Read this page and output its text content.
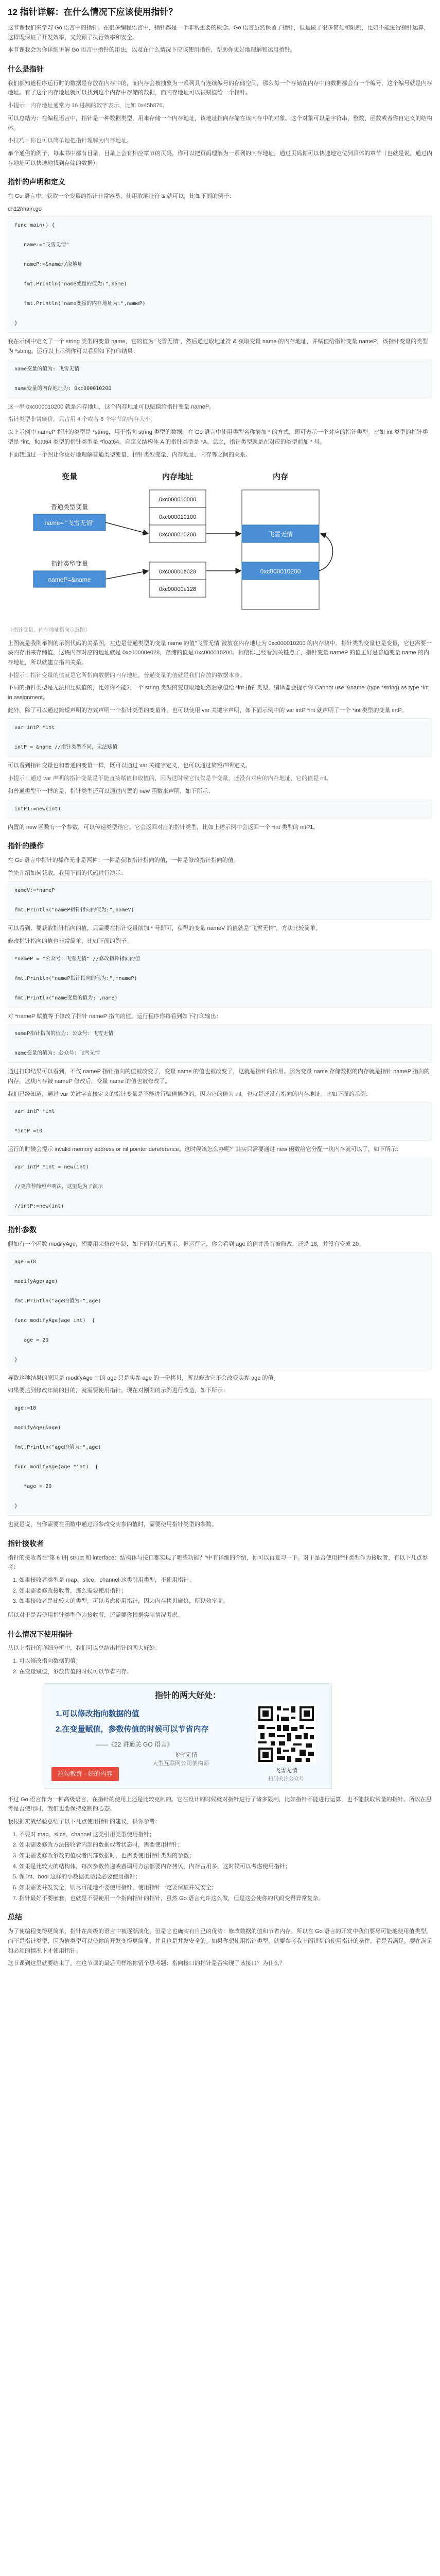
12 指针详解：在什么情况下应该使用指针？

这节课我们来学习 Go 语言中的指针。在很多编程语言中，指针都是一个非常重要的概念。Go 语言虽然保留了指针，但是做了很多简化和限制，比如不能进行指针运算，这样既保证了开发效率，又兼顾了执行效率和安全。

本节课我会为你详细讲解 Go 语言中指针的用法，以及在什么情况下应该使用指针，帮助你更好地理解和运用指针。

什么是指针

我们都知道程序运行时的数据是存放在内存中的，而内存会被抽象为一系列具有连续编号的存储空间，那么每一个存储在内存中的数据都会有一个编号，这个编号就是内存地址。有了这个内存地址就可以找到这个内存中存储的数据，而内存地址可以被赋值给一个指针。

小提示：内存地址通常为 16 进制的数字表示，比如 0x45b876。

可以总结为：在编程语言中，指针是一种数据类型，用来存储一个内存地址，该地址指向存储在该内存中的对象。这个对象可以是字符串、整数、函数或者你自定义的结构体。

小技巧：你也可以简单地把指针理解为内存地址。

举个通俗的例子，每本书中都有目录，目录上会有相应章节的页码，你可以把页码理解为一系列的内存地址，通过页码你可以快速地定位到具体的章节（也就是说，通过内存地址可以快速地找到存储的数据）。

指针的声明和定义

在 Go 语言中，获取一个变量的指针非常容易，使用取地址符 & 就可以，比如下面的例子：

ch12/main.go
func main() {

name:="飞雪无情"

nameP:=&name//取地址

fmt.Println("name变量的值为:",name)

fmt.Println("name变量的内存地址为:",nameP)

}

我在示例中定义了一个 string 类型的变量 name，它的值为"飞雪无情"，然后通过取地址符 & 获取变量 name 的内存地址，并赋值给指针变量 nameP，该指针变量的类型为 *string。运行以上示例你可以看到如下打印结果：

name变量的值为: 飞雪无情

name变量的内存地址为: 0xc000010200

这一串 0xc000010200 就是内存地址，这个内存地址可以赋值给指针变量 nameP。

指针类型非常廉价，只占用 4 个或者 8 个字节的内存大小。

以上示例中 nameP 指针的类型是 *string，用于指向 string 类型的数据。在 Go 语言中使用类型名称前加 * 的方式，即可表示一个对应的指针类型。比如 int 类型的指针类型是 *int，float64 类型的指针类型是 *float64，自定义结构体 A 的指针类型是 *A。总之，指针类型就是在对应的类型前加 * 号。

下面我通过一个图让你更好地理解普通类型变量、指针类型变量、内存地址、内存等之间的关系。

变量	内存地址	内存
普通类型变量
name= "飞雪无情"
指针类型变量
nameP=&name
0xc000010000
0xc000010100
0xc000010200
0xc00000e028
0xc00000e128
飞雪无情
0xc000010200
（指针变量、内存地址指向示意图）

上图就是我刚举例的示例代码的关系图，左边是普通类型的变量 name 的值"飞雪无情"被放在内存地址为 0xc000010200 的内存块中。指针类型变量也是变量，它也需要一块内存用来存储值，这块内存对应的地址就是 0xc00000e028，存储的值是 0xc000010200。相信你已经看到关键点了，指针变量 nameP 的值正好是普通变量 name 的内存地址，所以就建立指向关系。

小提示：指针变量的值就是它所指向数据的内存地址，普通变量的值就是我们存放的数据本身。

不同的指针类型是无法相互赋值的，比如你不能对一个 string 类型的变量取地址然后赋值给 *int 指针类型，编译器会提示你 Cannot use '&name' (type *string) as type *int in assignment。

此外，除了可以通过简短声明的方式声明一个指针类型的变量外，也可以使用 var 关键字声明，如下面示例中的 var intP *int 就声明了一个 *int 类型的变量 intP。

var intP *int

intP = &name //指针类型不同，无法赋值

可以看到指针变量也和普通的变量一样，既可以通过 var 关键字定义，也可以通过简短声明定义。

小提示：通过 var 声明的指针变量是不能直接赋值和取值的，因为这时候它仅仅是个变量，还没有对应的内存地址，它的值是 nil。

和普通类型不一样的是，指针类型还可以通过内置的 new 函数来声明，如下所示：

intP1:=new(int)

内置的 new 函数有一个参数，可以传递类型给它。它会返回对应的指针类型，比如上述示例中会返回一个 *int 类型的 intP1。

指针的操作

在 Go 语言中指针的操作无非是两种：一种是获取指针指向的值，一种是修改指针指向的值。

首先介绍如何获取，我用下面的代码进行演示：

nameV:=*nameP

fmt.Println("nameP指针指向的值为:",nameV)

可以看到，要获取指针指向的值，只需要在指针变量前加 * 号即可，获得的变量 nameV 的值就是"飞雪无情"，方法比较简单。

修改指针指向的值也非常简单，比如下面的例子：

*nameP = "公众号：飞雪无情" //修改指针指向的值

fmt.Println("nameP指针指向的值为:",*nameP)

fmt.Println("name变量的值为:",name)

对 *nameP 赋值等于修改了指针 nameP 指向的值。运行程序你将看到如下打印输出：

nameP指针指向的值为: 公众号：飞雪无情

name变量的值为: 公众号：飞雪无情

通过打印结果可以看到，不仅 nameP 指针指向的值被改变了，变量 name 的值也被改变了，这就是指针的作用。因为变量 name 存储数据的内存就是指针 nameP 指向的内存，这块内存被 nameP 修改后，变量 name 的值也被修改了。

我们已经知道，通过 var 关键字直接定义的指针变量是不能进行赋值操作的，因为它的值为 nil，也就是还没有指向的内存地址。比如下面的示例：

var intP *int

*intP =10

运行的时候会提示 invalid memory address or nil pointer dereference。这时候该怎么办呢？其实只需要通过 new 函数给它分配一块内存就可以了，如下所示：

var intP *int = new(int)

//更推荐简短声明法，这里是为了演示

//intP:=new(int)
指针参数

假如有一个函数 modifyAge，想要用来修改年龄，如下面的代码所示。但运行它，你会看到 age 的值并没有被修改，还是 18，并没有变成 20。

age:=18

modifyAge(age)

fmt.Println("age的值为:",age)

func modifyAge(age int)  {

age = 20

}

导致这种结果的原因是 modifyAge 中的 age 只是实参 age 的一份拷贝，所以修改它不会改变实参 age 的值。

如果要达到修改年龄的目的，就需要使用指针，现在对刚刚的示例进行改造，如下所示：

age:=18

modifyAge(&age)

fmt.Println("age的值为:",age)

func modifyAge(age *int)  {

*age = 20

}

也就是说，当你需要在函数中通过形参改变实参的值时，需要使用指针类型的参数。

指针接收者

指针的接收者在"第 6 讲| struct 和 interface：结构体与接口都实现了哪些功能？"中有详细的介绍，你可以再复习一下。对于是否使用指针类型作为接收者，有以下几点参考：

1. 如果接收者类型是 map、slice、channel 这类引用类型，不使用指针；
2. 如果需要修改接收者，那么需要使用指针；
3. 如果接收者是比较大的类型，可以考虑使用指针，因为内存拷贝廉价，所以效率高。

所以对于是否使用指针类型作为接收者，还需要你根据实际情况考虑。

什么情况下使用指针

从以上指针的详细分析中，我们可以总结出指针的两大好处：

1. 可以修改指向数据的值；
2. 在变量赋值，参数传值的时候可以节省内存。
指针的两大好处：
1.可以修改指向数据的值
2.在变量赋值，参数传值的时候可以节省内存
——《22 讲通关 GO 语言》
飞雪无情
大型互联网公司架构师
拉勾教育 · 好的内容	飞雪无情
扫码关注公众号

不过 Go 语言作为一种高级语言，在指针的使用上还是比较克制的。它在设计的时候就对指针进行了诸多限制，比如指针不能进行运算，也不能获取常量的指针。所以在思考是否使用时，我们也要保持克制的心态。

我根据实战经验总结了以下几点使用指针的建议，供你参考：

1. 不要对 map、slice、channel 这类引用类型使用指针；
2. 如果需要修改方法接收者内部的数据或者状态时，需要使用指针；
3. 如果需要修改参数的值或者内部数据时，也需要使用指针类型的参数；
4. 如果是比较大的结构体，每次参数传递或者调用方法都要内存拷贝，内存占用多，这时候可以考虑使用指针；
5. 像 int、bool 这样的小数据类型没必要使用指针；
6. 如果需要并发安全，则尽可能地不要使用指针，使用指针一定要保证并发安全；
7. 指针最好不要嵌套，也就是不要使用一个指向指针的指针，虽然 Go 语言允许这么做，但是这会使你的代码变得异常复杂。
总结

为了使编程变得更简单，指针在高级的语言中被逐渐淡化，但是它也确实有自己的优势：修改数据的值和节省内存。所以在 Go 语言的开发中我们要尽可能地使用值类型，而不是指针类型，因为值类型可以使你的开发变得更简单，并且也是并发安全的。如果你想使用指针类型，就要参考我上面讲到的使用指针的条件，看是否满足，要在满足和必须的情况下才使用指针。

这节课到这里就要结束了，在这节课的最后同样给你留个思考题：指向接口的指针是否实现了该接口？为什么？
